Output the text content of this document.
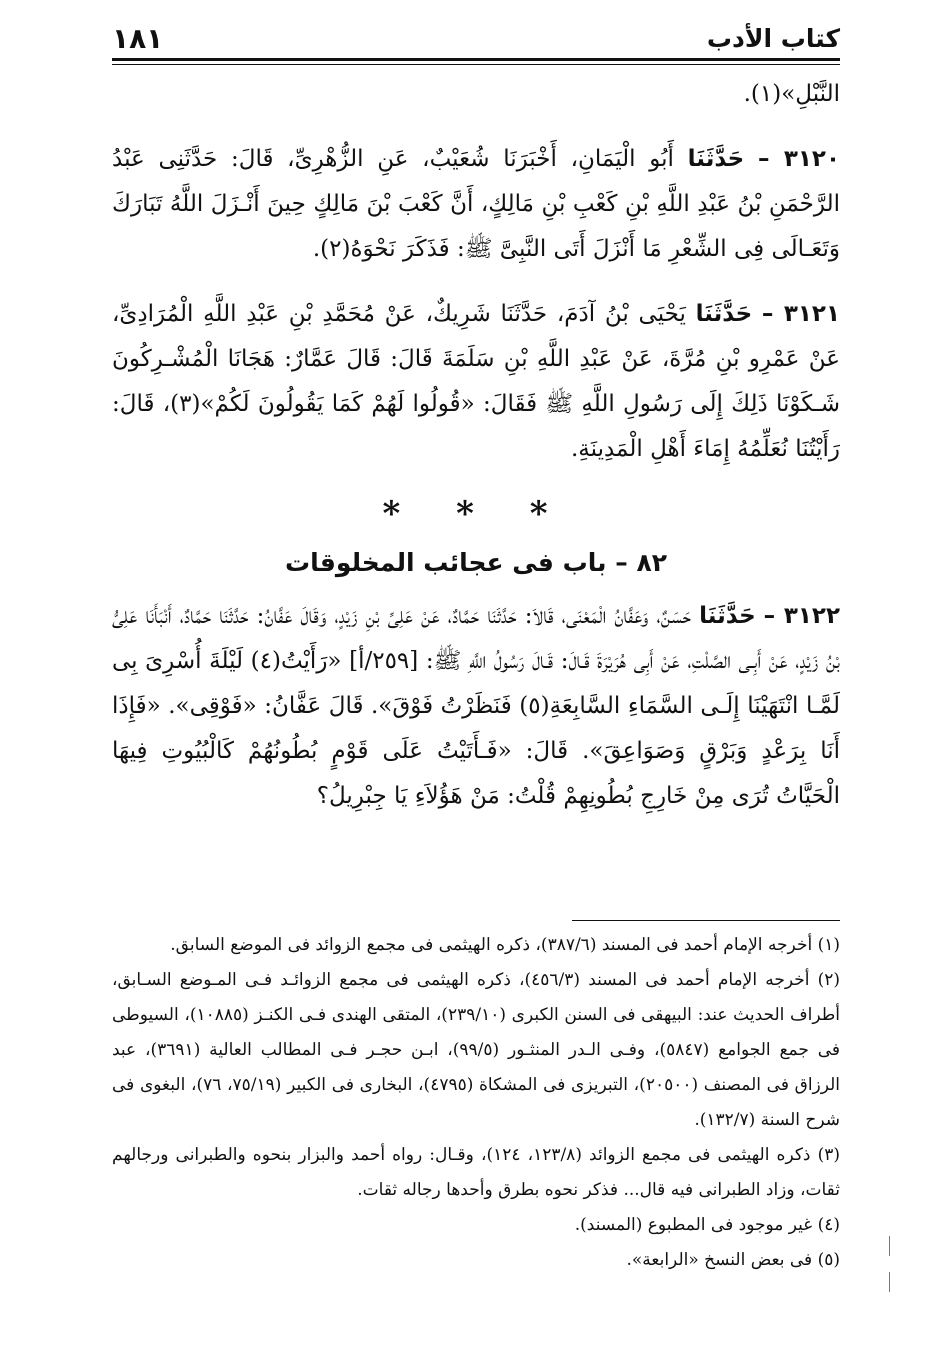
كتاب الأدب
١٨١

النَّبْلِ»(١).

٣١٢٠ – حَدَّثَنَا أَبُو الْيَمَانِ، أَخْبَرَنَا شُعَيْبٌ، عَنِ الزُّهْرِىِّ، قَالَ: حَدَّثَنِى عَبْدُ الرَّحْمَنِ بْنُ عَبْدِ اللَّهِ بْنِ كَعْبِ بْنِ مَالِكٍ، أَنَّ كَعْبَ بْنَ مَالِكٍ حِينَ أَنْـزَلَ اللَّهُ تَبَارَكَ وَتَعَـالَى فِى الشِّعْرِ مَا أَنْزَلَ أَتَى النَّبِىَّ ﷺ: فَذَكَرَ نَحْوَهُ(٢).

٣١٢١ – حَدَّثَنَا يَحْيَى بْنُ آدَمَ، حَدَّثَنَا شَرِيكٌ، عَنْ مُحَمَّدِ بْنِ عَبْدِ اللَّهِ الْمُرَادِىِّ، عَنْ عَمْرِو بْنِ مُرَّةَ، عَنْ عَبْدِ اللَّهِ بْنِ سَلَمَةَ قَالَ: قَالَ عَمَّارٌ: هَجَانَا الْمُشْـرِكُونَ شَـكَوْنَا ذَلِكَ إِلَى رَسُولِ اللَّهِ ﷺ فَقَالَ: «قُولُوا لَهُمْ كَمَا يَقُولُونَ لَكُمْ»(٣)، قَالَ: رَأَيْتُنَا نُعَلِّمُهُ إِمَاءَ أَهْلِ الْمَدِينَةِ.

* * *
٨٢ – باب فى عجائب المخلوقات

٣١٢٢ – حَدَّثَنَا حَسَنٌ، وَعَفَّانُ الْمَعْنَى، قَالاَ: حَدَّثَنَا حَمَّادٌ، عَنْ عَلِىِّ بْنِ زَيْدٍ، وَقَالَ عَفَّانُ: حَدَّثَنَا حَمَّادٌ، أَنْبَأَنَا عَلِىُّ بْنُ زَيْدٍ، عَنْ أَبِـى الصَّلْتِ، عَنْ أَبِى هُرَيْرَةَ قَـالَ: قَـالَ رَسُولُ اللَّهِ ﷺ: [٢٥٩/أ] «رَأَيْتُ(٤) لَيْلَةَ أُسْرِىَ بِى لَمَّـا انْتَهَيْنَا إِلَـى السَّمَاءِ السَّابِعَةِ(٥) فَنَظَرْتُ فَوْقَ». قَالَ عَفَّانُ: «فَوْقِى». «فَإِذَا أَنَا بِرَعْدٍ وَبَرْقٍ وَصَوَاعِقَ». قَالَ: «فَـأَتَيْتُ عَلَى قَوْمٍ بُطُونُهُمْ كَالْبُيُوتِ فِيهَا الْحَيَّاتُ تُرَى مِنْ خَارِجِ بُطُونِهِمْ قُلْتُ: مَنْ هَؤُلاَءِ يَا جِبْرِيلُ؟

(١) أخرجه الإمام أحمد فى المسند (٣٨٧/٦)، ذكره الهيثمى فى مجمع الزوائد فى الموضع السابق.

(٢) أخرجه الإمام أحمد فى المسند (٤٥٦/٣)، ذكره الهيثمى فى مجمع الزوائـد فـى المـوضع السـابق، أطراف الحديث عند: البيهقى فى السنن الكبرى (٢٣٩/١٠)، المتقى الهندى فـى الكنـز (١٠٨٨٥)، السيوطى فى جمع الجوامع (٥٨٤٧)، وفـى الـدر المنثـور (٩٩/٥)، ابـن حجـر فـى المطالب العالية (٣٦٩١)، عبد الرزاق فى المصنف (٢٠٥٠٠)، التبريزى فى المشكاة (٤٧٩٥)، البخارى فى الكبير (٧٥/١٩، ٧٦)، البغوى فى شرح السنة (١٣٢/٧).

(٣) ذكره الهيثمى فى مجمع الزوائد (١٢٣/٨، ١٢٤)، وقـال: رواه أحمد والبزار بنحوه والطبرانى ورجالهم ثقات، وزاد الطبرانى فيه قال... فذكر نحوه بطرق وأحدها رجاله ثقات.

(٤) غير موجود فى المطبوع (المسند).

(٥) فى بعض النسخ «الرابعة».
